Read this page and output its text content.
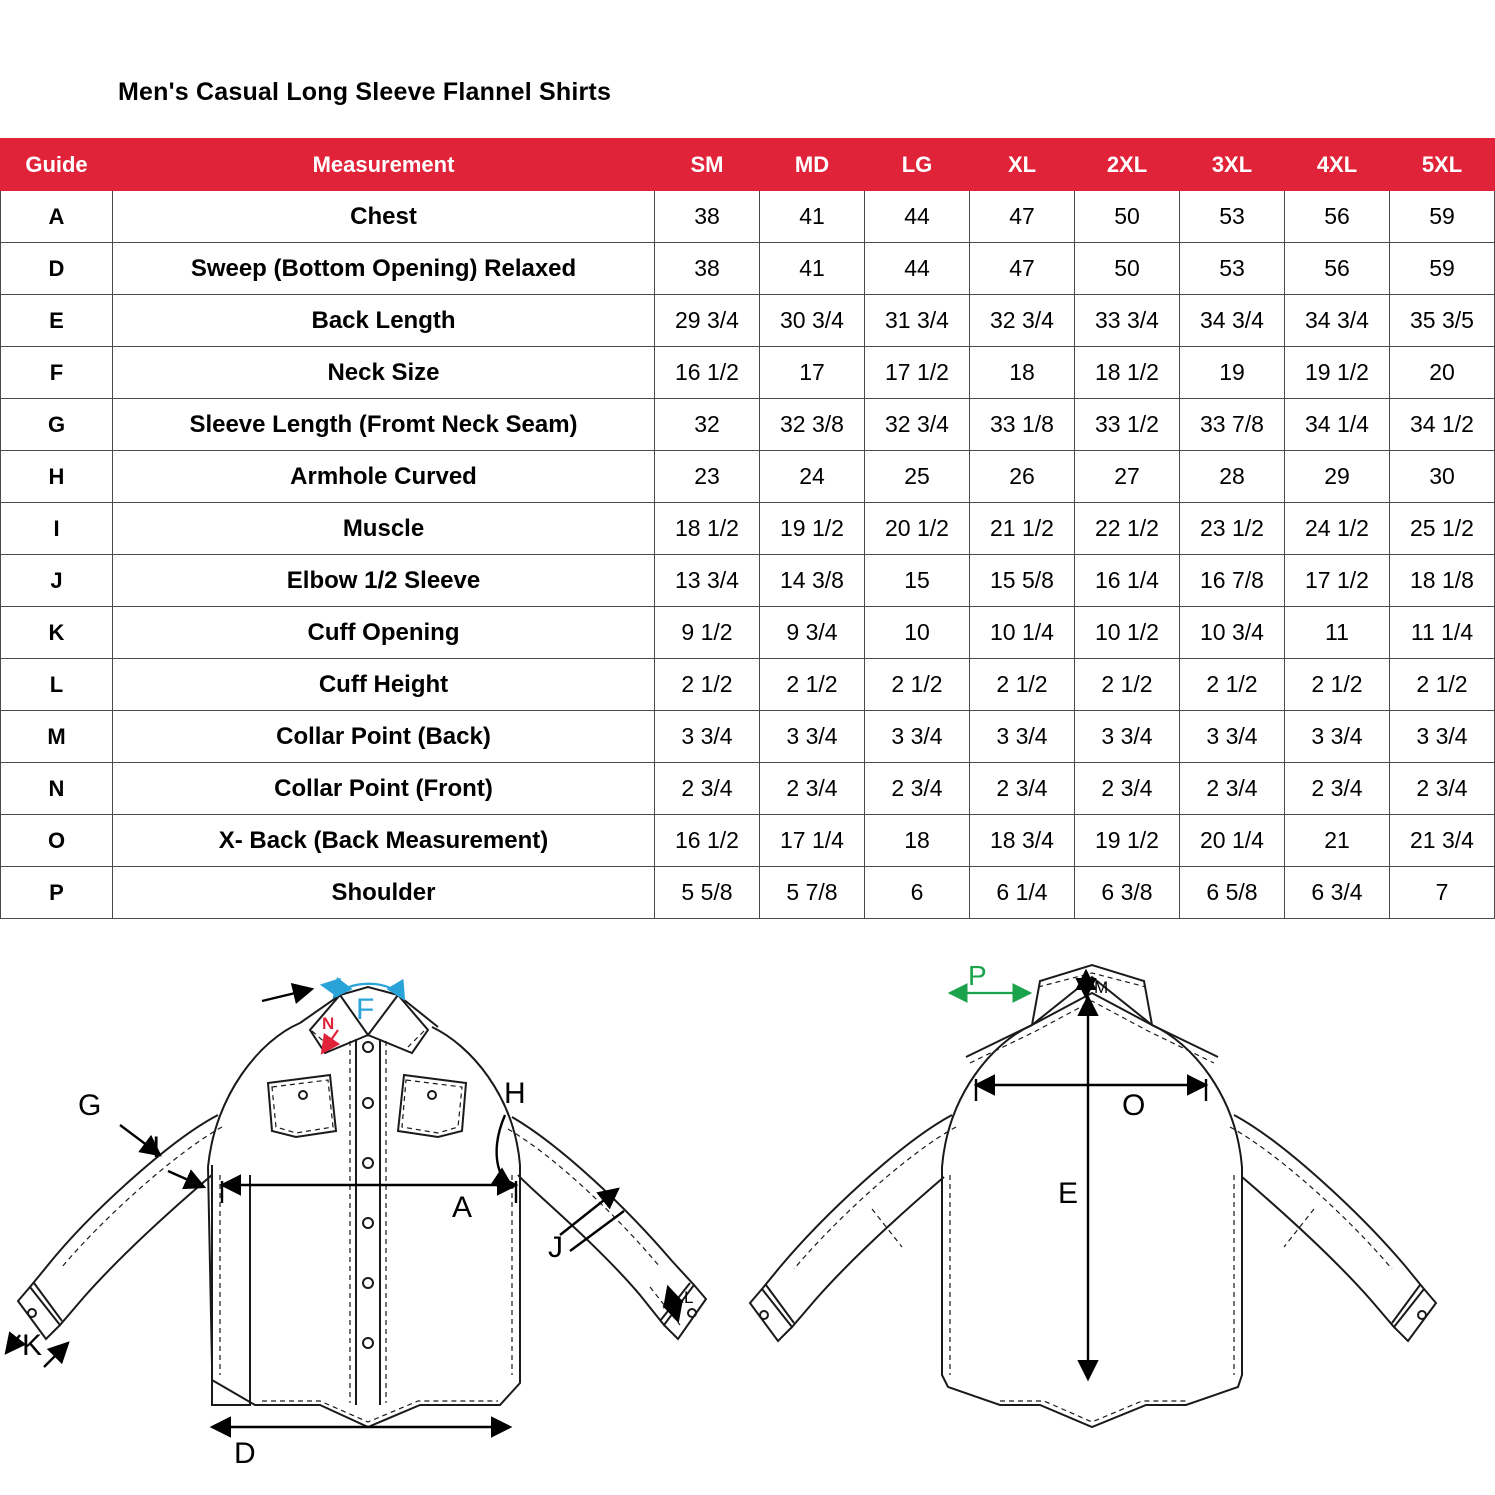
Men's Casual Long Sleeve Flannel Shirts
Guide	Measurement	SM	MD	LG	XL	2XL	3XL	4XL	5XL
A	Chest	38	41	44	47	50	53	56	59
D	Sweep (Bottom Opening) Relaxed	38	41	44	47	50	53	56	59
E	Back Length	29 3/4	30 3/4	31 3/4	32 3/4	33 3/4	34 3/4	34 3/4	35 3/5
F	Neck Size	16 1/2	17	17 1/2	18	18 1/2	19	19 1/2	20
G	Sleeve Length (Fromt Neck Seam)	32	32 3/8	32 3/4	33 1/8	33 1/2	33 7/8	34 1/4	34 1/2
H	Armhole Curved	23	24	25	26	27	28	29	30
I	Muscle	18 1/2	19 1/2	20 1/2	21 1/2	22 1/2	23 1/2	24 1/2	25 1/2
J	Elbow 1/2 Sleeve	13 3/4	14 3/8	15	15 5/8	16 1/4	16 7/8	17 1/2	18 1/8
K	Cuff Opening	9 1/2	9 3/4	10	10 1/4	10 1/2	10 3/4	11	11 1/4
L	Cuff Height	2 1/2	2 1/2	2 1/2	2 1/2	2 1/2	2 1/2	2 1/2	2 1/2
M	Collar Point (Back)	3 3/4	3 3/4	3 3/4	3 3/4	3 3/4	3 3/4	3 3/4	3 3/4
N	Collar Point (Front)	2 3/4	2 3/4	2 3/4	2 3/4	2 3/4	2 3/4	2 3/4	2 3/4
O	X- Back (Back Measurement)	16 1/2	17 1/4	18	18 3/4	19 1/2	20 1/4	21	21 3/4
P	Shoulder	5 5/8	5 7/8	6	6 1/4	6 3/8	6 5/8	6 3/4	7
F
N
G
I
K
A
D
H
J
L
P	M
O
E
